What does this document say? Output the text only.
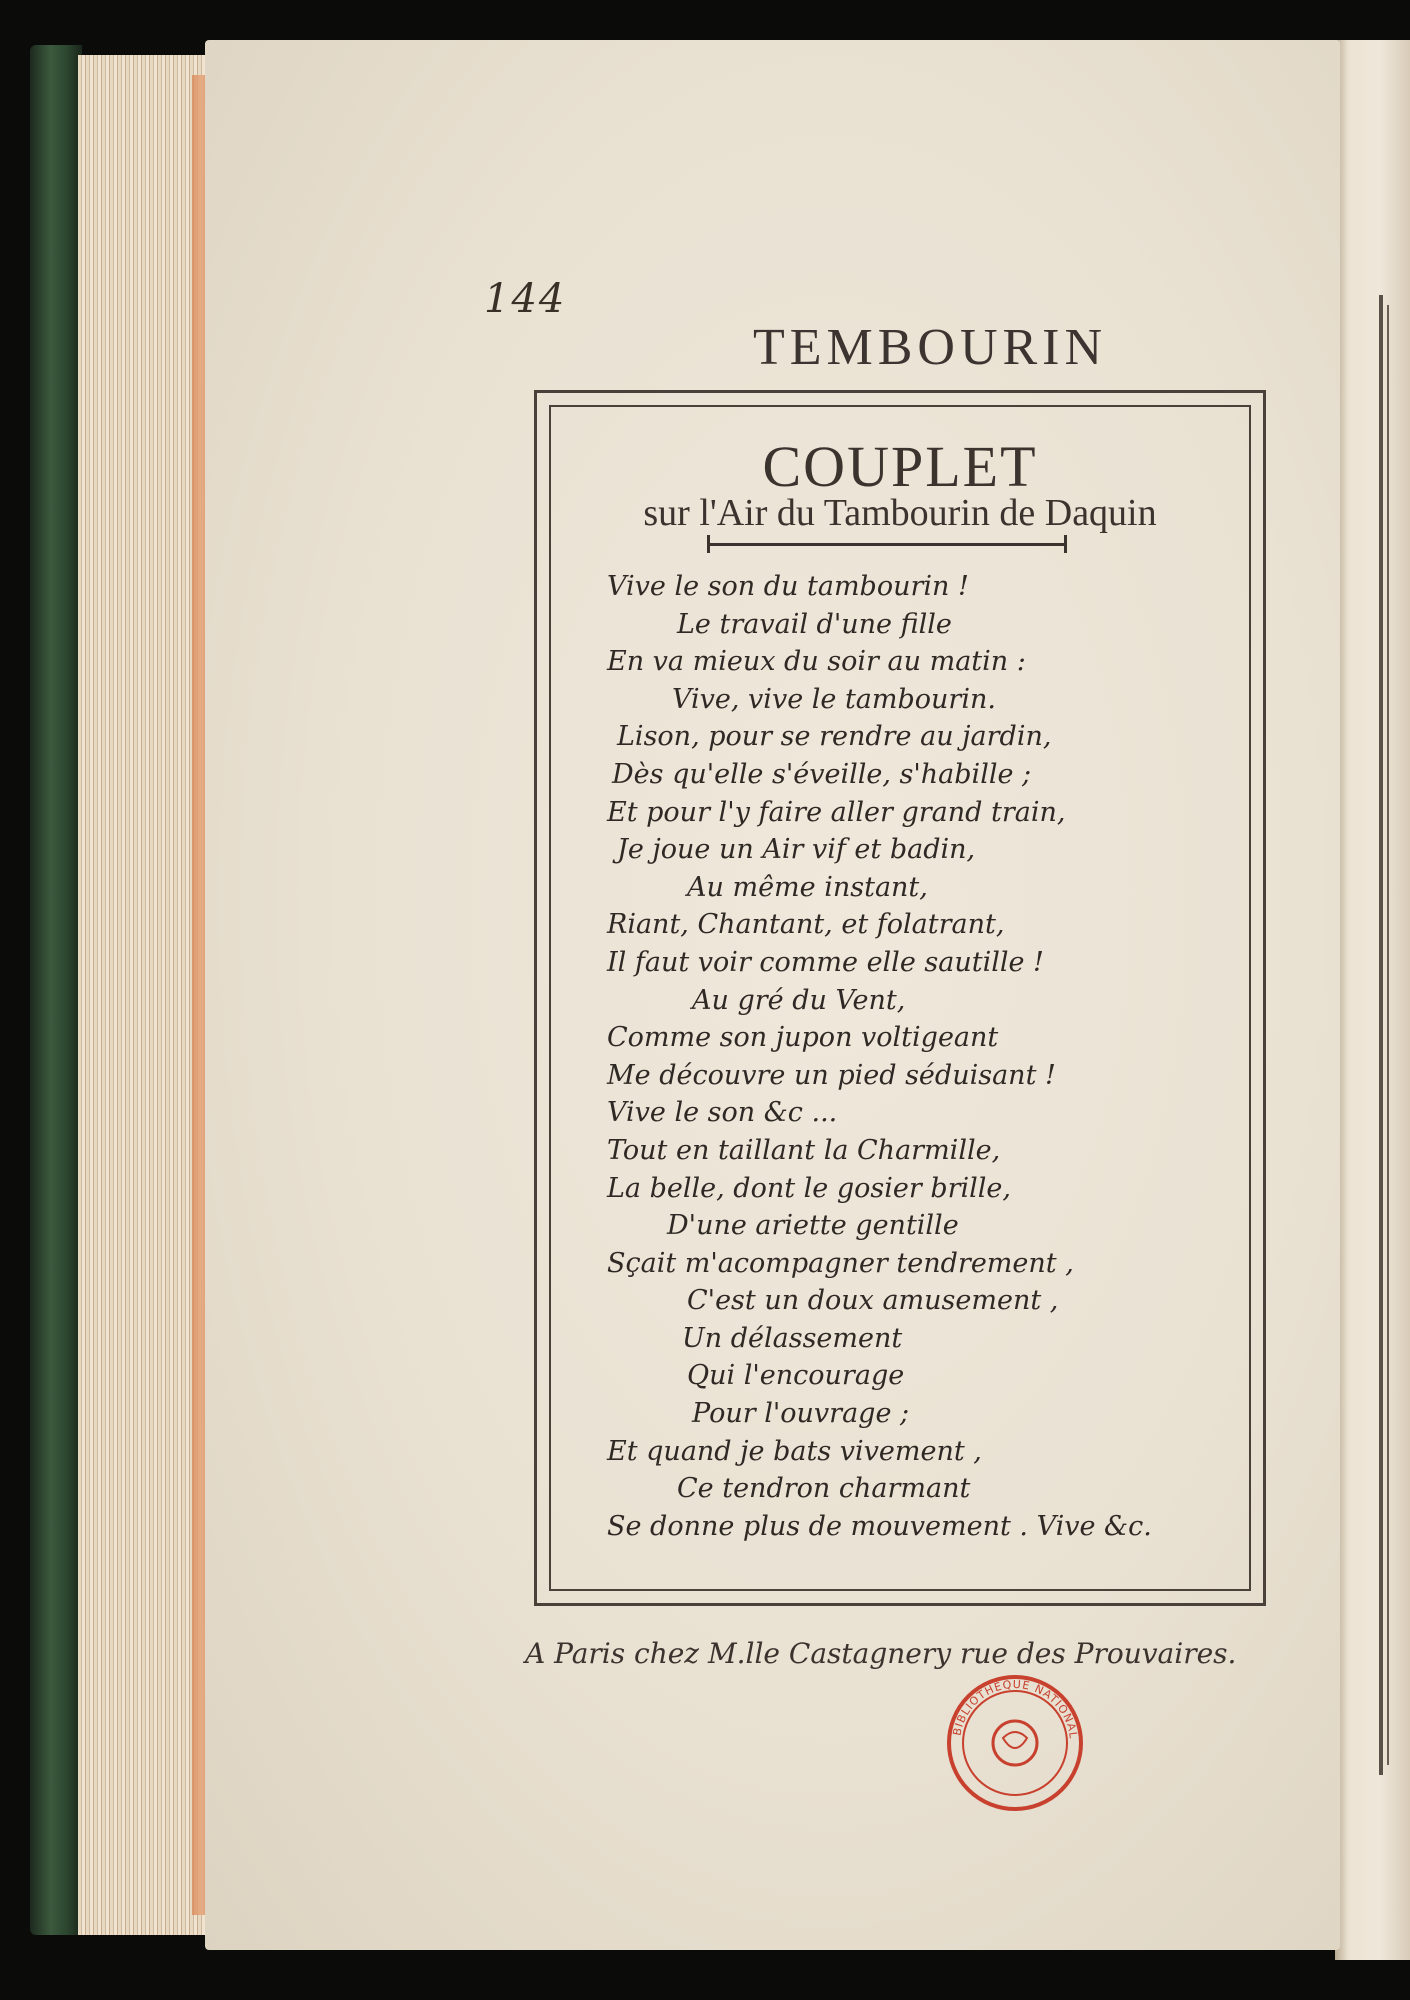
144
TEMBOURIN
COUPLET
sur l'Air du Tambourin de Daquin
Vive le son du tambourin !
Le travail d'une fille
En va mieux du soir au matin :
Vive, vive le tambourin.
Lison, pour se rendre au jardin,
Dès qu'elle s'éveille, s'habille ;
Et pour l'y faire aller grand train,
Je joue un Air vif et badin,
Au même instant,
Riant, Chantant, et folatrant,
Il faut voir comme elle sautille !
Au gré du Vent,
Comme son jupon voltigeant
Me découvre un pied séduisant !
Vive le son &c ...
Tout en taillant la Charmille,
La belle, dont le gosier brille,
D'une ariette gentille
Sçait m'acompagner tendrement ,
C'est un doux amusement ,
Un délassement
Qui l'encourage
Pour l'ouvrage ;
Et quand je bats vivement ,
Ce tendron charmant
Se donne plus de mouvement . Vive &c.
A Paris chez M.lle Castagnery rue des Prouvaires.
BIBLIOTHÈQUE NATIONAL
